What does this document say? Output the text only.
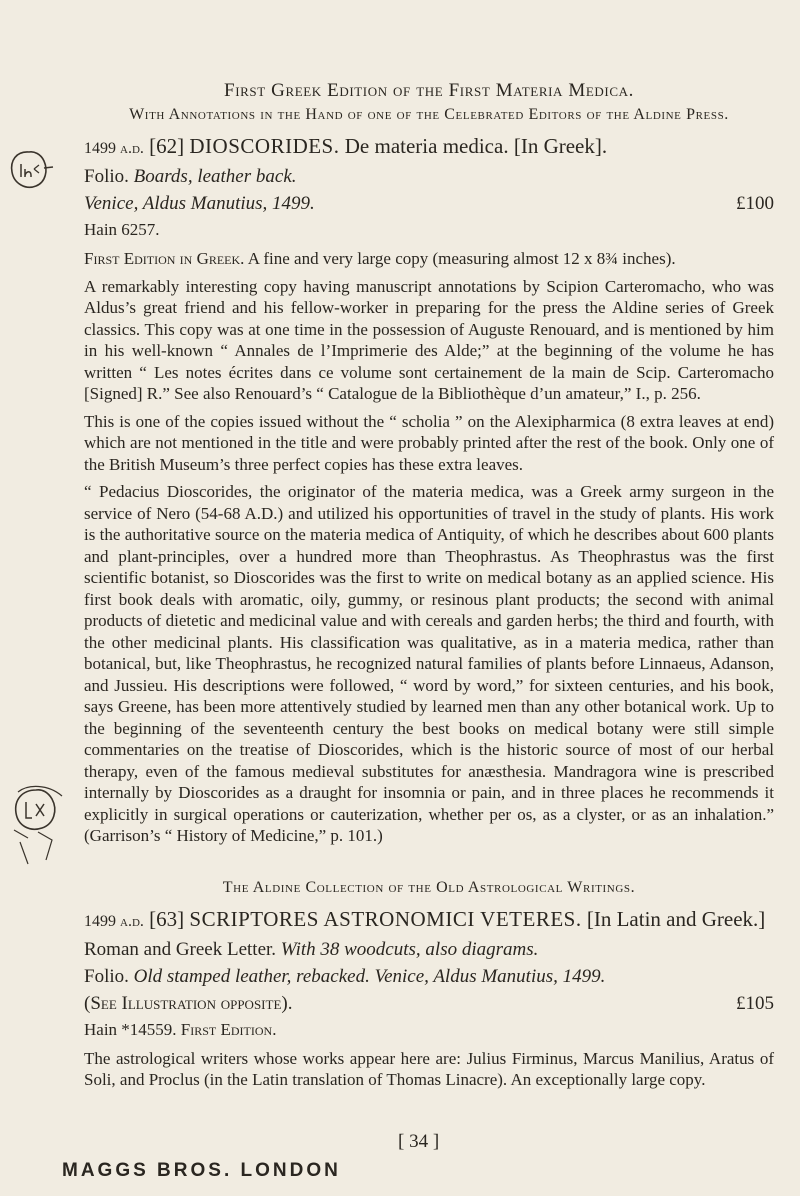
First Greek Edition of the First Materia Medica.

With Annotations in the Hand of one of the Celebrated Editors of the Aldine Press.

1499 a.d. [62] DIOSCORIDES. De materia medica. [In Greek].

Folio. Boards, leather back.

Venice, Aldus Manutius, 1499.	£100

Hain 6257.

First Edition in Greek. A fine and very large copy (measuring almost 12 x 8¾ inches).

A remarkably interesting copy having manuscript annotations by Scipion Carteromacho, who was Aldus’s great friend and his fellow-worker in preparing for the press the Aldine series of Greek classics. This copy was at one time in the possession of Auguste Renouard, and is mentioned by him in his well-known “ Annales de l’Imprimerie des Alde;” at the beginning of the volume he has written “ Les notes écrites dans ce volume sont certainement de la main de Scip. Carteromacho [Signed] R.” See also Renouard’s “ Catalogue de la Bibliothèque d’un amateur,” I., p. 256.

This is one of the copies issued without the “ scholia ” on the Alexipharmica (8 extra leaves at end) which are not mentioned in the title and were probably printed after the rest of the book. Only one of the British Museum’s three perfect copies has these extra leaves.

“ Pedacius Dioscorides, the originator of the materia medica, was a Greek army surgeon in the service of Nero (54-68 A.D.) and utilized his opportunities of travel in the study of plants. His work is the authoritative source on the materia medica of Antiquity, of which he describes about 600 plants and plant-principles, over a hundred more than Theophrastus. As Theophrastus was the first scientific botanist, so Dioscorides was the first to write on medical botany as an applied science. His first book deals with aromatic, oily, gummy, or resinous plant products; the second with animal products of dietetic and medicinal value and with cereals and garden herbs; the third and fourth, with the other medicinal plants. His classification was qualitative, as in a materia medica, rather than botanical, but, like Theophrastus, he recognized natural families of plants before Linnaeus, Adanson, and Jussieu. His descriptions were followed, “ word by word,” for sixteen centuries, and his book, says Greene, has been more attentively studied by learned men than any other botanical work. Up to the beginning of the seventeenth century the best books on medical botany were still simple commentaries on the treatise of Dioscorides, which is the historic source of most of our herbal therapy, even of the famous medieval substitutes for anæsthesia. Mandragora wine is prescribed internally by Dioscorides as a draught for insomnia or pain, and in three places he recommends it explicitly in surgical operations or cauterization, whether per os, as a clyster, or as an inhalation.” (Garrison’s “ History of Medicine,” p. 101.)

The Aldine Collection of the Old Astrological Writings.

1499 a.d. [63] SCRIPTORES ASTRONOMICI VETERES. [In Latin and Greek.]

Roman and Greek Letter. With 38 woodcuts, also diagrams.

Folio. Old stamped leather, rebacked. Venice, Aldus Manutius, 1499.

(See Illustration opposite).	£105

Hain *14559. First Edition.

The astrological writers whose works appear here are: Julius Firminus, Marcus Manilius, Aratus of Soli, and Proclus (in the Latin translation of Thomas Linacre). An exceptionally large copy.

[ 34 ]
MAGGS BROS. LONDON
